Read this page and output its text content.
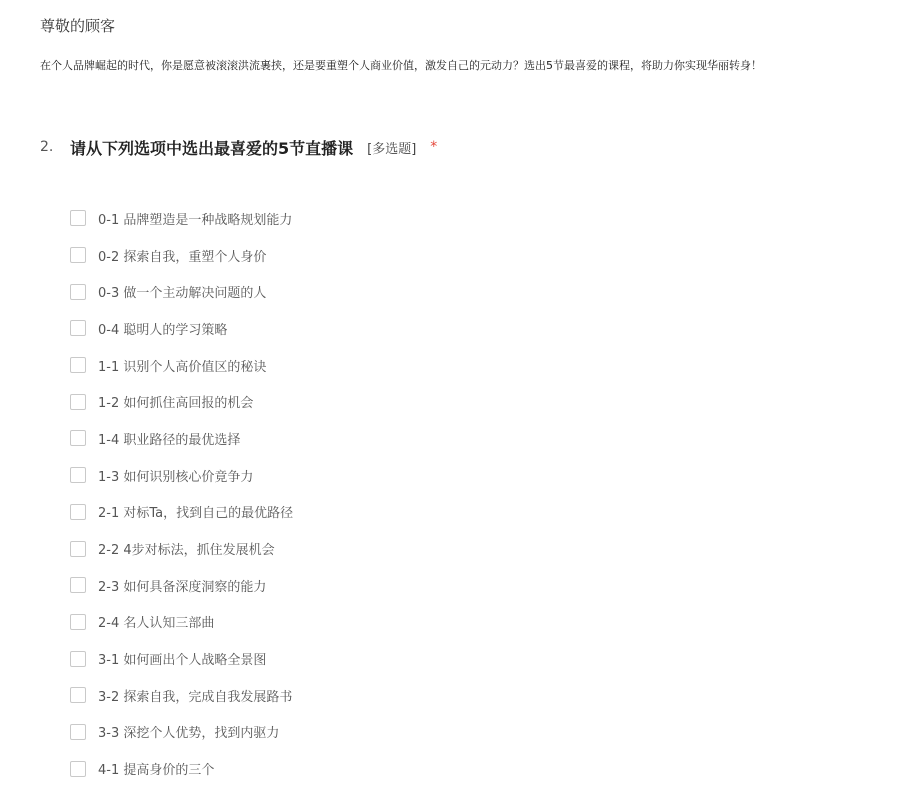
尊敬的顾客
在个人品牌崛起的时代，你是愿意被滚滚洪流裹挟，还是要重塑个人商业价值，激发自己的元动力？选出5节最喜爱的课程，将助力你实现华丽转身！
2.	请从下列选项中选出最喜爱的5节直播课 [多选题] *
0-1 品牌塑造是一种战略规划能力
0-2 探索自我，重塑个人身价
0-3 做一个主动解决问题的人
0-4 聪明人的学习策略
1-1 识别个人高价值区的秘诀
1-2 如何抓住高回报的机会
1-4 职业路径的最优选择
1-3 如何识别核心价竟争力
2-1 对标Ta，找到自己的最优路径
2-2 4步对标法，抓住发展机会
2-3 如何具备深度洞察的能力
2-4 名人认知三部曲
3-1 如何画出个人战略全景图
3-2 探索自我，完成自我发展路书
3-3 深挖个人优势，找到内驱力
4-1 提高身价的三个
